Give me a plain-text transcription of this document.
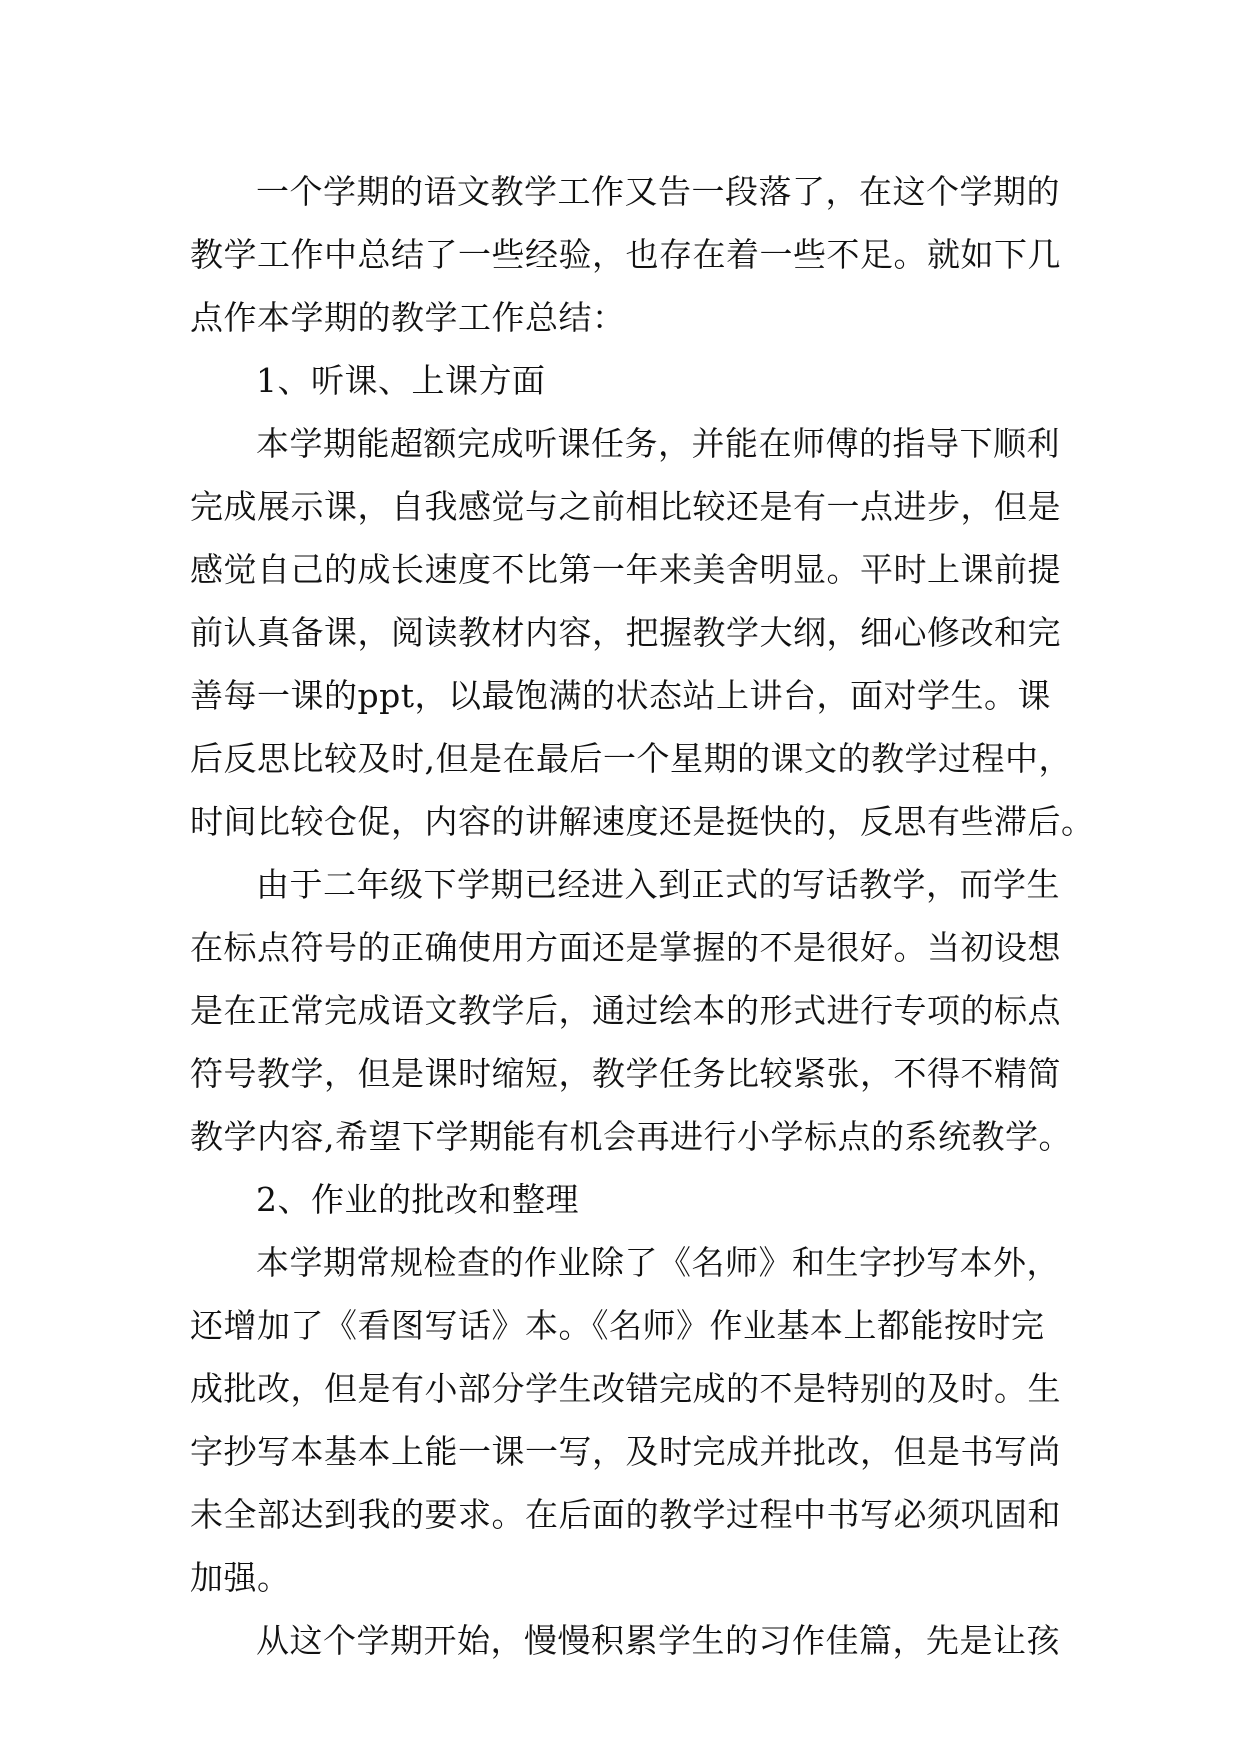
一个学期的语文教学工作又告一段落了，在这个学期的
教学工作中总结了一些经验，也存在着一些不足。就如下几
点作本学期的教学工作总结：
1、听课、上课方面
本学期能超额完成听课任务，并能在师傅的指导下顺利
完成展示课，自我感觉与之前相比较还是有一点进步，但是
感觉自己的成长速度不比第一年来美舍明显。平时上课前提
前认真备课，阅读教材内容，把握教学大纲，细心修改和完
善每一课的ppt，以最饱满的状态站上讲台，面对学生。课
后反思比较及时,但是在最后一个星期的课文的教学过程中，
时间比较仓促，内容的讲解速度还是挺快的，反思有些滞后。
由于二年级下学期已经进入到正式的写话教学，而学生
在标点符号的正确使用方面还是掌握的不是很好。当初设想
是在正常完成语文教学后，通过绘本的形式进行专项的标点
符号教学，但是课时缩短，教学任务比较紧张，不得不精简
教学内容,希望下学期能有机会再进行小学标点的系统教学。
2、作业的批改和整理
本学期常规检查的作业除了《名师》和生字抄写本外，
还增加了《看图写话》本。《名师》作业基本上都能按时完
成批改，但是有小部分学生改错完成的不是特别的及时。生
字抄写本基本上能一课一写，及时完成并批改，但是书写尚
未全部达到我的要求。在后面的教学过程中书写必须巩固和
加强。
从这个学期开始，慢慢积累学生的习作佳篇，先是让孩
